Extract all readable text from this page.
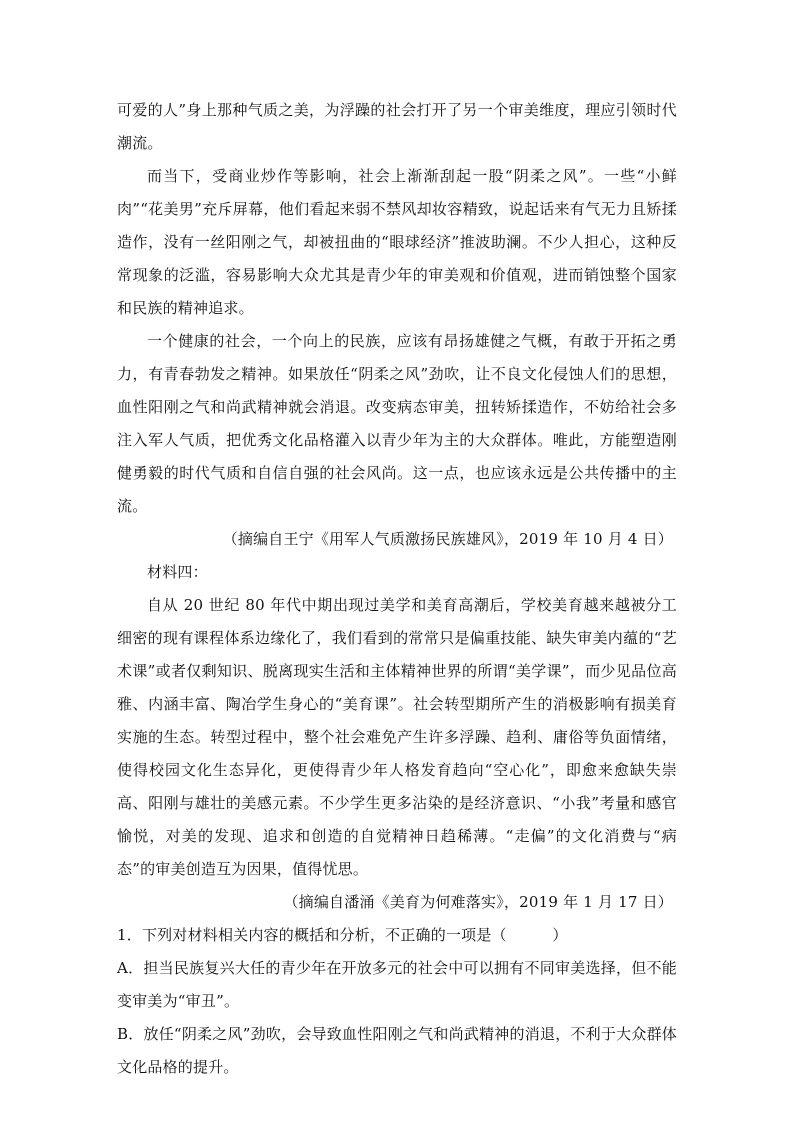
可爱的人”身上那种气质之美，为浮躁的社会打开了另一个审美维度，理应引领时代潮流。

而当下，受商业炒作等影响，社会上渐渐刮起一股“阴柔之风”。一些“小鲜肉”“花美男”充斥屏幕，他们看起来弱不禁风却妆容精致，说起话来有气无力且矫揉造作，没有一丝阳刚之气，却被扭曲的“眼球经济”推波助澜。不少人担心，这种反常现象的泛滥，容易影响大众尤其是青少年的审美观和价值观，进而销蚀整个国家和民族的精神追求。

一个健康的社会，一个向上的民族，应该有昂扬雄健之气概，有敢于开拓之勇力，有青春勃发之精神。如果放任“阴柔之风”劲吹，让不良文化侵蚀人们的思想，血性阳刚之气和尚武精神就会消退。改变病态审美，扭转矫揉造作，不妨给社会多注入军人气质，把优秀文化品格灌入以青少年为主的大众群体。唯此，方能塑造刚健勇毅的时代气质和自信自强的社会风尚。这一点，也应该永远是公共传播中的主流。

（摘编自王宁《用军人气质激扬民族雄风》，2019 年 10 月 4 日）

材料四：

自从 20 世纪 80 年代中期出现过美学和美育高潮后，学校美育越来越被分工细密的现有课程体系边缘化了，我们看到的常常只是偏重技能、缺失审美内蕴的“艺术课”或者仅剩知识、脱离现实生活和主体精神世界的所谓“美学课”，而少见品位高雅、内涵丰富、陶冶学生身心的“美育课”。社会转型期所产生的消极影响有损美育实施的生态。转型过程中，整个社会难免产生许多浮躁、趋利、庸俗等负面情绪，使得校园文化生态异化，更使得青少年人格发育趋向“空心化”，即愈来愈缺失崇高、阳刚与雄壮的美感元素。不少学生更多沾染的是经济意识、“小我”考量和感官愉悦，对美的发现、追求和创造的自觉精神日趋稀薄。“走偏”的文化消费与“病态”的审美创造互为因果，值得忧思。

（摘编自潘涌《美育为何难落实》，2019 年 1 月 17 日）

1．下列对材料相关内容的概括和分析，不正确的一项是（　　　）

A．担当民族复兴大任的青少年在开放多元的社会中可以拥有不同审美选择，但不能变审美为“审丑”。

B．放任“阴柔之风”劲吹，会导致血性阳刚之气和尚武精神的消退，不利于大众群体文化品格的提升。
